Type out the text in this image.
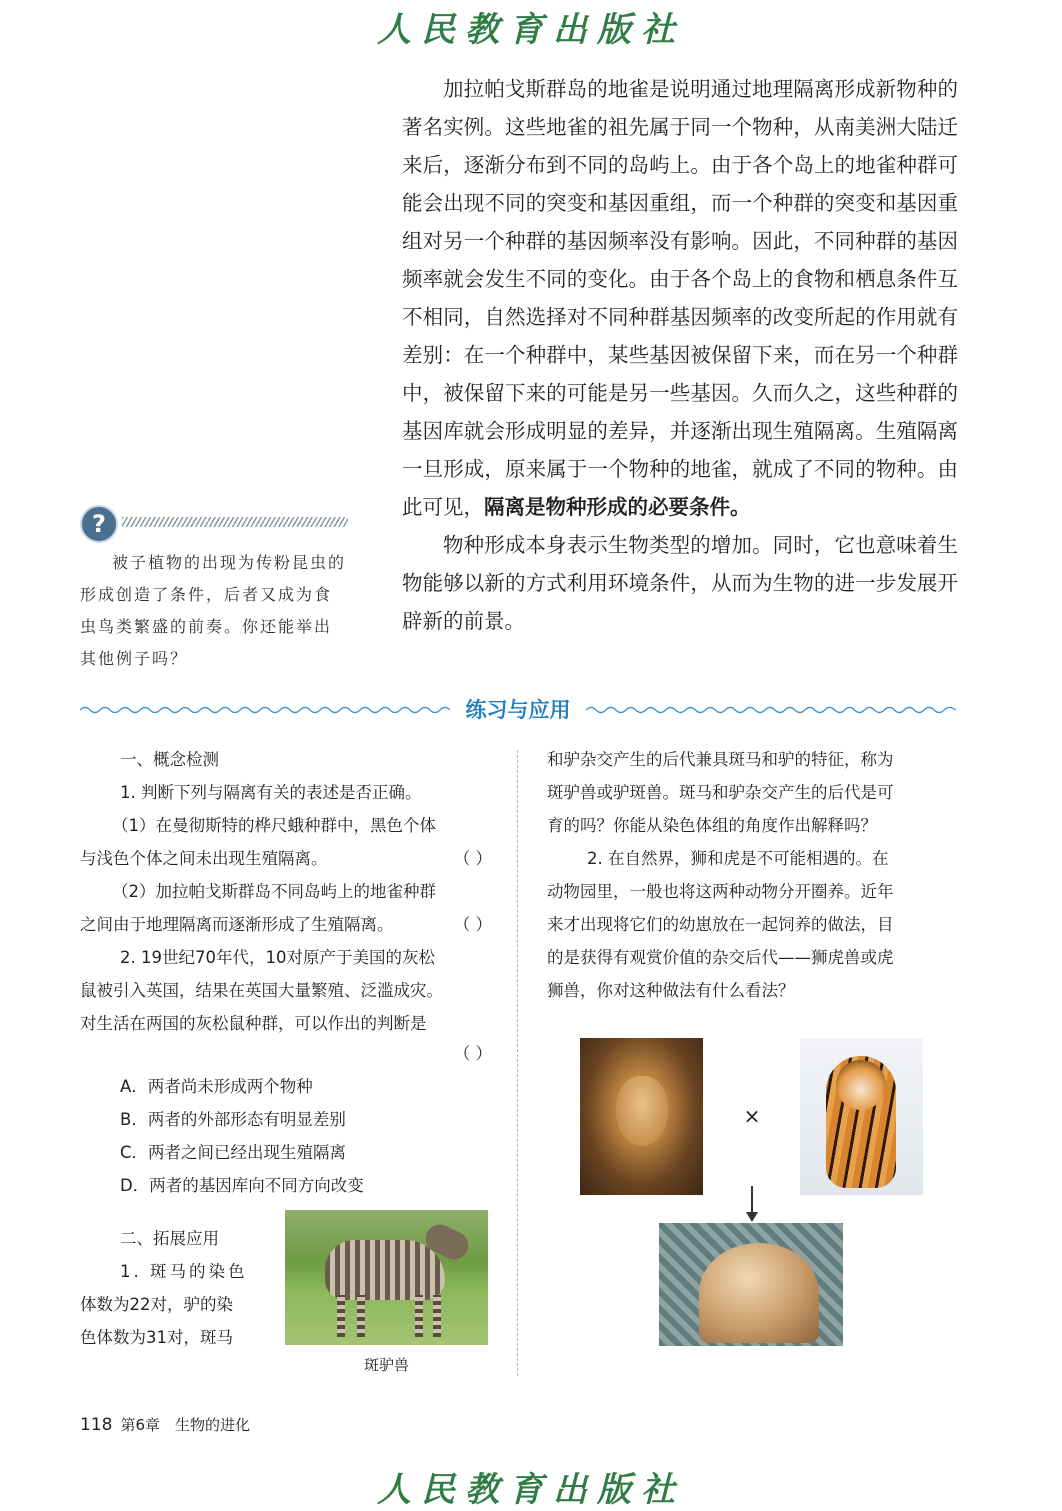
人民教育出版社

加拉帕戈斯群岛的地雀是说明通过地理隔离形成新物种的著名实例。这些地雀的祖先属于同一个物种，从南美洲大陆迁来后，逐渐分布到不同的岛屿上。由于各个岛上的地雀种群可能会出现不同的突变和基因重组，而一个种群的突变和基因重组对另一个种群的基因频率没有影响。因此，不同种群的基因频率就会发生不同的变化。由于各个岛上的食物和栖息条件互不相同，自然选择对不同种群基因频率的改变所起的作用就有差别：在一个种群中，某些基因被保留下来，而在另一个种群中，被保留下来的可能是另一些基因。久而久之，这些种群的基因库就会形成明显的差异，并逐渐出现生殖隔离。生殖隔离一旦形成，原来属于一个物种的地雀，就成了不同的物种。由此可见，隔离是物种形成的必要条件。

物种形成本身表示生物类型的增加。同时，它也意味着生物能够以新的方式利用环境条件，从而为生物的进一步发展开辟新的前景。

?
被子植物的出现为传粉昆虫的形成创造了条件，后者又成为食虫鸟类繁盛的前奏。你还能举出其他例子吗？
练习与应用
一、概念检测
1. 判断下列与隔离有关的表述是否正确。
（1）在曼彻斯特的桦尺蛾种群中，黑色个体
与浅色个体之间未出现生殖隔离。	（ ）
（2）加拉帕戈斯群岛不同岛屿上的地雀种群
之间由于地理隔离而逐渐形成了生殖隔离。	（ ）
2. 19世纪70年代，10对原产于美国的灰松
鼠被引入英国，结果在英国大量繁殖、泛滥成灾。
对生活在两国的灰松鼠种群，可以作出的判断是
（ ）
A．两者尚未形成两个物种
B．两者的外部形态有明显差别
C．两者之间已经出现生殖隔离
D．两者的基因库向不同方向改变
二、拓展应用
1. 斑马的染色
体数为22对，驴的染
色体数为31对，斑马
和驴杂交产生的后代兼具斑马和驴的特征，称为
斑驴兽或驴斑兽。斑马和驴杂交产生的后代是可
育的吗？你能从染色体组的角度作出解释吗？
2. 在自然界，狮和虎是不可能相遇的。在
动物园里，一般也将这两种动物分开圈养。近年
来才出现将它们的幼崽放在一起饲养的做法，目
的是获得有观赏价值的杂交后代——狮虎兽或虎
狮兽，你对这种做法有什么看法？
斑驴兽
×
118 第6章　生物的进化
人民教育出版社
